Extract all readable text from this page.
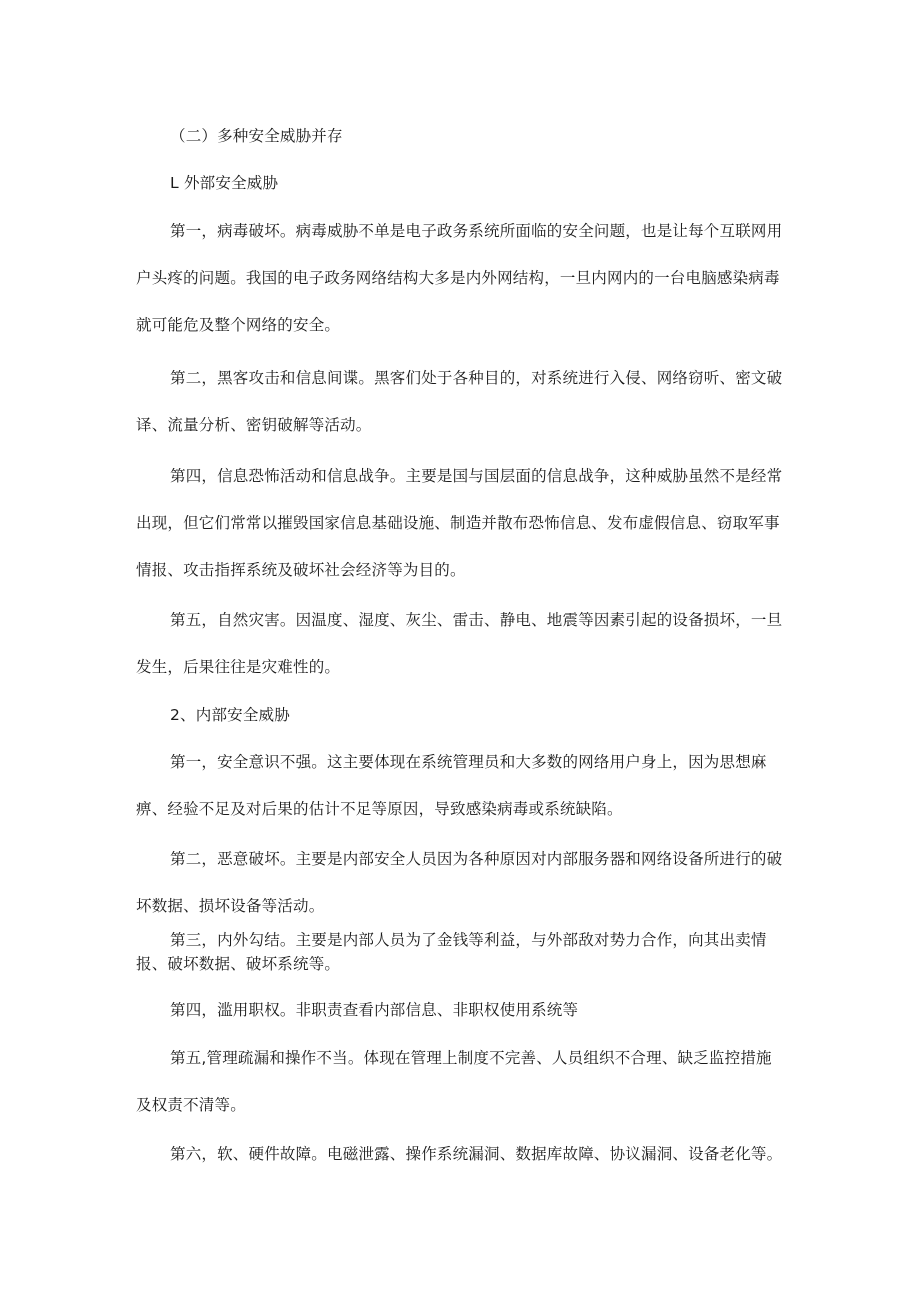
（二）多种安全威胁并存

L 外部安全威胁

第一，病毒破坏。病毒威胁不单是电子政务系统所面临的安全问题，也是让每个互联网用户头疼的问题。我国的电子政务网络结构大多是内外网结构，一旦内网内的一台电脑感染病毒就可能危及整个网络的安全。

第二，黑客攻击和信息间谍。黑客们处于各种目的，对系统进行入侵、网络窃听、密文破译、流量分析、密钥破解等活动。

第四，信息恐怖活动和信息战争。主要是国与国层面的信息战争，这种威胁虽然不是经常出现，但它们常常以摧毁国家信息基础设施、制造并散布恐怖信息、发布虚假信息、窃取军事情报、攻击指挥系统及破坏社会经济等为目的。

第五，自然灾害。因温度、湿度、灰尘、雷击、静电、地震等因素引起的设备损坏，一旦发生，后果往往是灾难性的。

2、内部安全威胁

第一，安全意识不强。这主要体现在系统管理员和大多数的网络用户身上，因为思想麻痹、经验不足及对后果的估计不足等原因，导致感染病毒或系统缺陷。

第二，恶意破坏。主要是内部安全人员因为各种原因对内部服务器和网络设备所进行的破坏数据、损坏设备等活动。

第三，内外勾结。主要是内部人员为了金钱等利益，与外部敌对势力合作，向其出卖情报、破坏数据、破坏系统等。

第四，滥用职权。非职责查看内部信息、非职权使用系统等

第五,管理疏漏和操作不当。体现在管理上制度不完善、人员组织不合理、缺乏监控措施及权责不清等。

第六，软、硬件故障。电磁泄露、操作系统漏洞、数据库故障、协议漏洞、设备老化等。
